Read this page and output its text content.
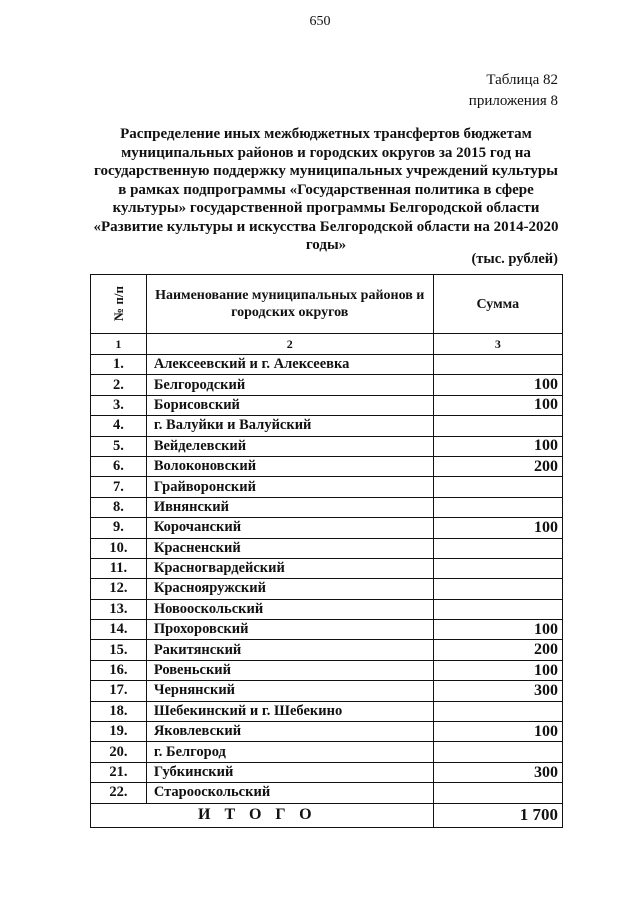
650
Таблица 82
приложения 8
Распределение иных межбюджетных трансфертов бюджетам муниципальных районов и городских округов за 2015 год на государственную поддержку муниципальных учреждений культуры в рамках подпрограммы «Государственная политика в сфере культуры» государственной программы Белгородской области «Развитие культуры и искусства Белгородской области на 2014-2020 годы»
(тыс. рублей)
№ п/п	Наименование муниципальных районов и городских округов	Сумма
1	2	3
1.	Алексеевский и г. Алексеевка	
2.	Белгородский	100
3.	Борисовский	100
4.	г. Валуйки и Валуйский	
5.	Вейделевский	100
6.	Волоконовский	200
7.	Грайворонский	
8.	Ивнянский	
9.	Корочанский	100
10.	Красненский	
11.	Красногвардейский	
12.	Краснояружский	
13.	Новооскольский	
14.	Прохоровский	100
15.	Ракитянский	200
16.	Ровеньский	100
17.	Чернянский	300
18.	Шебекинский и г. Шебекино	
19.	Яковлевский	100
20.	г. Белгород	
21.	Губкинский	300
22.	Старооскольский	
ИТОГО		1 700
